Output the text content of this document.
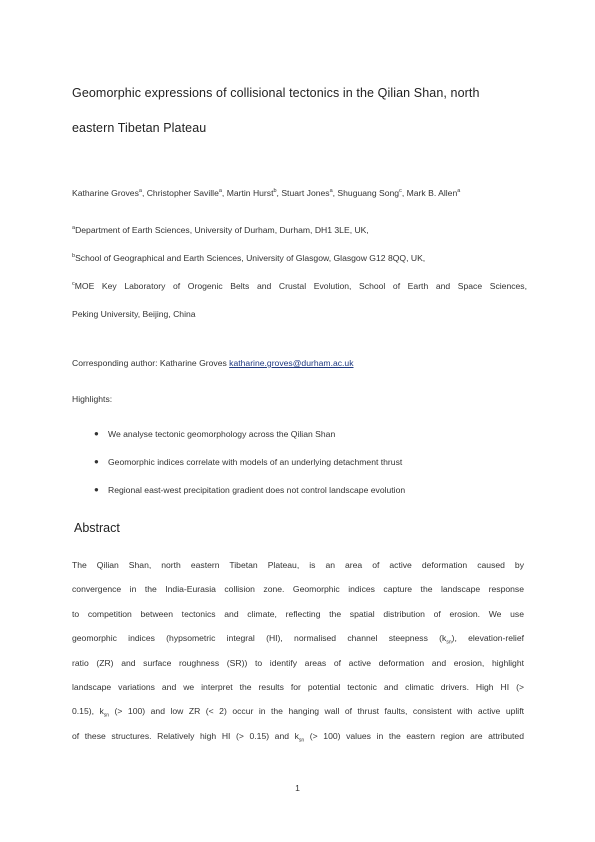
Geomorphic expressions of collisional tectonics in the Qilian Shan, north
eastern Tibetan Plateau
Katharine Groves$^a$, Christopher Saville$^a$, Martin Hurst$^b$, Stuart Jones$^a$, Shuguang Song$^c$, Mark B. Allen$^a$
$^a$Department of Earth Sciences, University of Durham, Durham, DH1 3LE, UK,
$^b$School of Geographical and Earth Sciences, University of Glasgow, Glasgow G12 8QQ, UK,
$^c$MOE Key Laboratory of Orogenic Belts and Crustal Evolution, School of Earth and Space Sciences,
Peking University, Beijing, China
Corresponding author: Katharine Groves katharine.groves@durham.ac.uk
Highlights:
● We analyse tectonic geomorphology across the Qilian Shan
● Geomorphic indices correlate with models of an underlying detachment thrust
● Regional east-west precipitation gradient does not control landscape evolution
Abstract
The Qilian Shan, north eastern Tibetan Plateau, is an area of active deformation caused by
convergence in the India-Eurasia collision zone. Geomorphic indices capture the landscape response
to competition between tectonics and climate, reflecting the spatial distribution of erosion. We use
geomorphic indices (hypsometric integral (HI), normalised channel steepness $(k_{sn})$, elevation-relief
ratio (ZR) and surface roughness (SR)) to identify areas of active deformation and erosion, highlight
landscape variations and we interpret the results for potential tectonic and climatic drivers. High HI (>
0.15), $k_{sn}$ (> 100) and low ZR (< 2) occur in the hanging wall of thrust faults, consistent with active uplift
of these structures. Relatively high HI (> 0.15) and $k_{sn}$ (> 100) values in the eastern region are attributed
1
